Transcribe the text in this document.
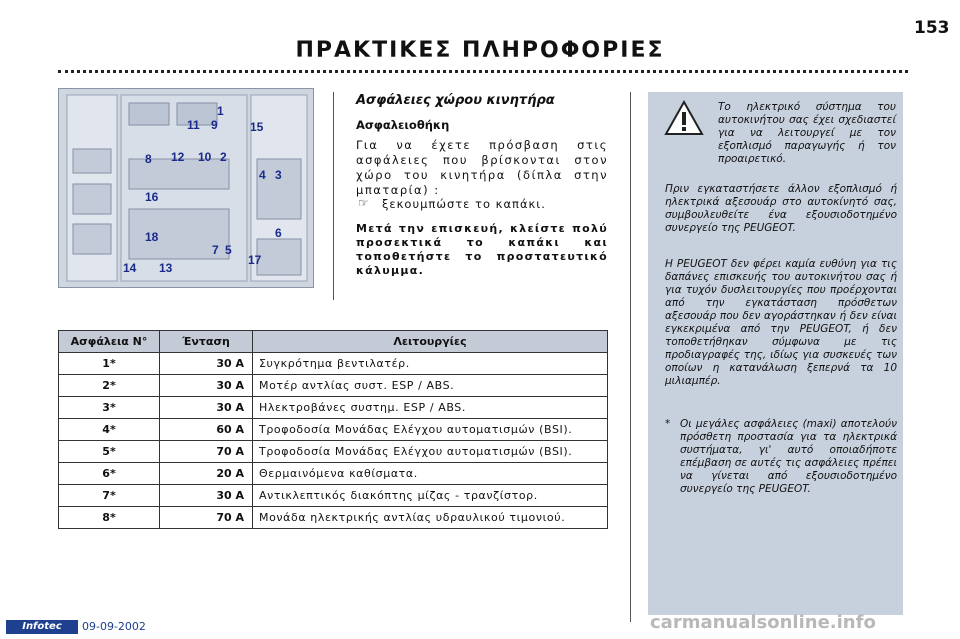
153
ΠΡΑΚΤΙΚΕΣ ΠΛΗΡΟΦΟΡΙΕΣ
1
11 9	15
8 12 10 2
16
4 3
6
18
7 5
14 13
17
Ασφάλειες χώρου κινητήρα
Ασφαλειοθήκη
Για να έχετε πρόσβαση στις ασφάλειες που βρίσκονται στον χώρο του κινητήρα (δίπλα στην μπαταρία) :
☞ ξεκουμπώστε το καπάκι.
Μετά την επισκευή, κλείστε πολύ προσεκτικά το καπάκι και τοποθετήστε το προστατευτικό κάλυμμα.
Ασφάλεια N°	Ένταση	Λειτουργίες
1*	30 A	Συγκρότημα βεντιλατέρ.
2*	30 A	Μοτέρ αντλίας συστ. ESP / ABS.
3*	30 A	Ηλεκτροβάνες συστημ. ESP / ABS.
4*	60 A	Τροφοδοσία Μονάδας Ελέγχου αυτοματισμών (BSI).
5*	70 A	Τροφοδοσία Μονάδας Ελέγχου αυτοματισμών (BSI).
6*	20 A	Θερμαινόμενα καθίσματα.
7*	30 A	Αντικλεπτικός διακόπτης μίζας - τρανζίστορ.
8*	70 A	Μονάδα ηλεκτρικής αντλίας υδραυλικού τιμονιού.
Το ηλεκτρικό σύστημα του αυτοκινήτου σας έχει σχεδιαστεί για να λειτουργεί με τον εξοπλισμό παραγωγής ή τον προαιρετικό.
Πριν εγκαταστήσετε άλλον εξοπλισμό ή ηλεκτρικά αξεσουάρ στο αυτοκίνητό σας, συμβουλευθείτε ένα εξουσιοδοτημένο συνεργείο της PEUGEOT.
Η PEUGEOT δεν φέρει καμία ευθύνη για τις δαπάνες επισκευής του αυτοκινήτου σας ή για τυχόν δυσλειτουργίες που προέρχονται από την εγκατάσταση πρόσθετων αξεσουάρ που δεν αγοράστηκαν ή δεν είναι εγκεκριμένα από την PEUGEOT, ή δεν τοποθετήθηκαν σύμφωνα με τις προδιαγραφές της, ιδίως για συσκευές των οποίων η κατανάλωση ξεπερνά τα 10 μιλιαμπέρ.
* Οι μεγάλες ασφάλειες (maxi) αποτελούν πρόσθετη προστασία για τα ηλεκτρικά συστήματα, γι' αυτό οποιαδήποτε επέμβαση σε αυτές τις ασφάλειες πρέπει να γίνεται από εξουσιοδοτημένο συνεργείο της PEUGEOT.
Infotec	09-09-2002	carmanualsonline.info
